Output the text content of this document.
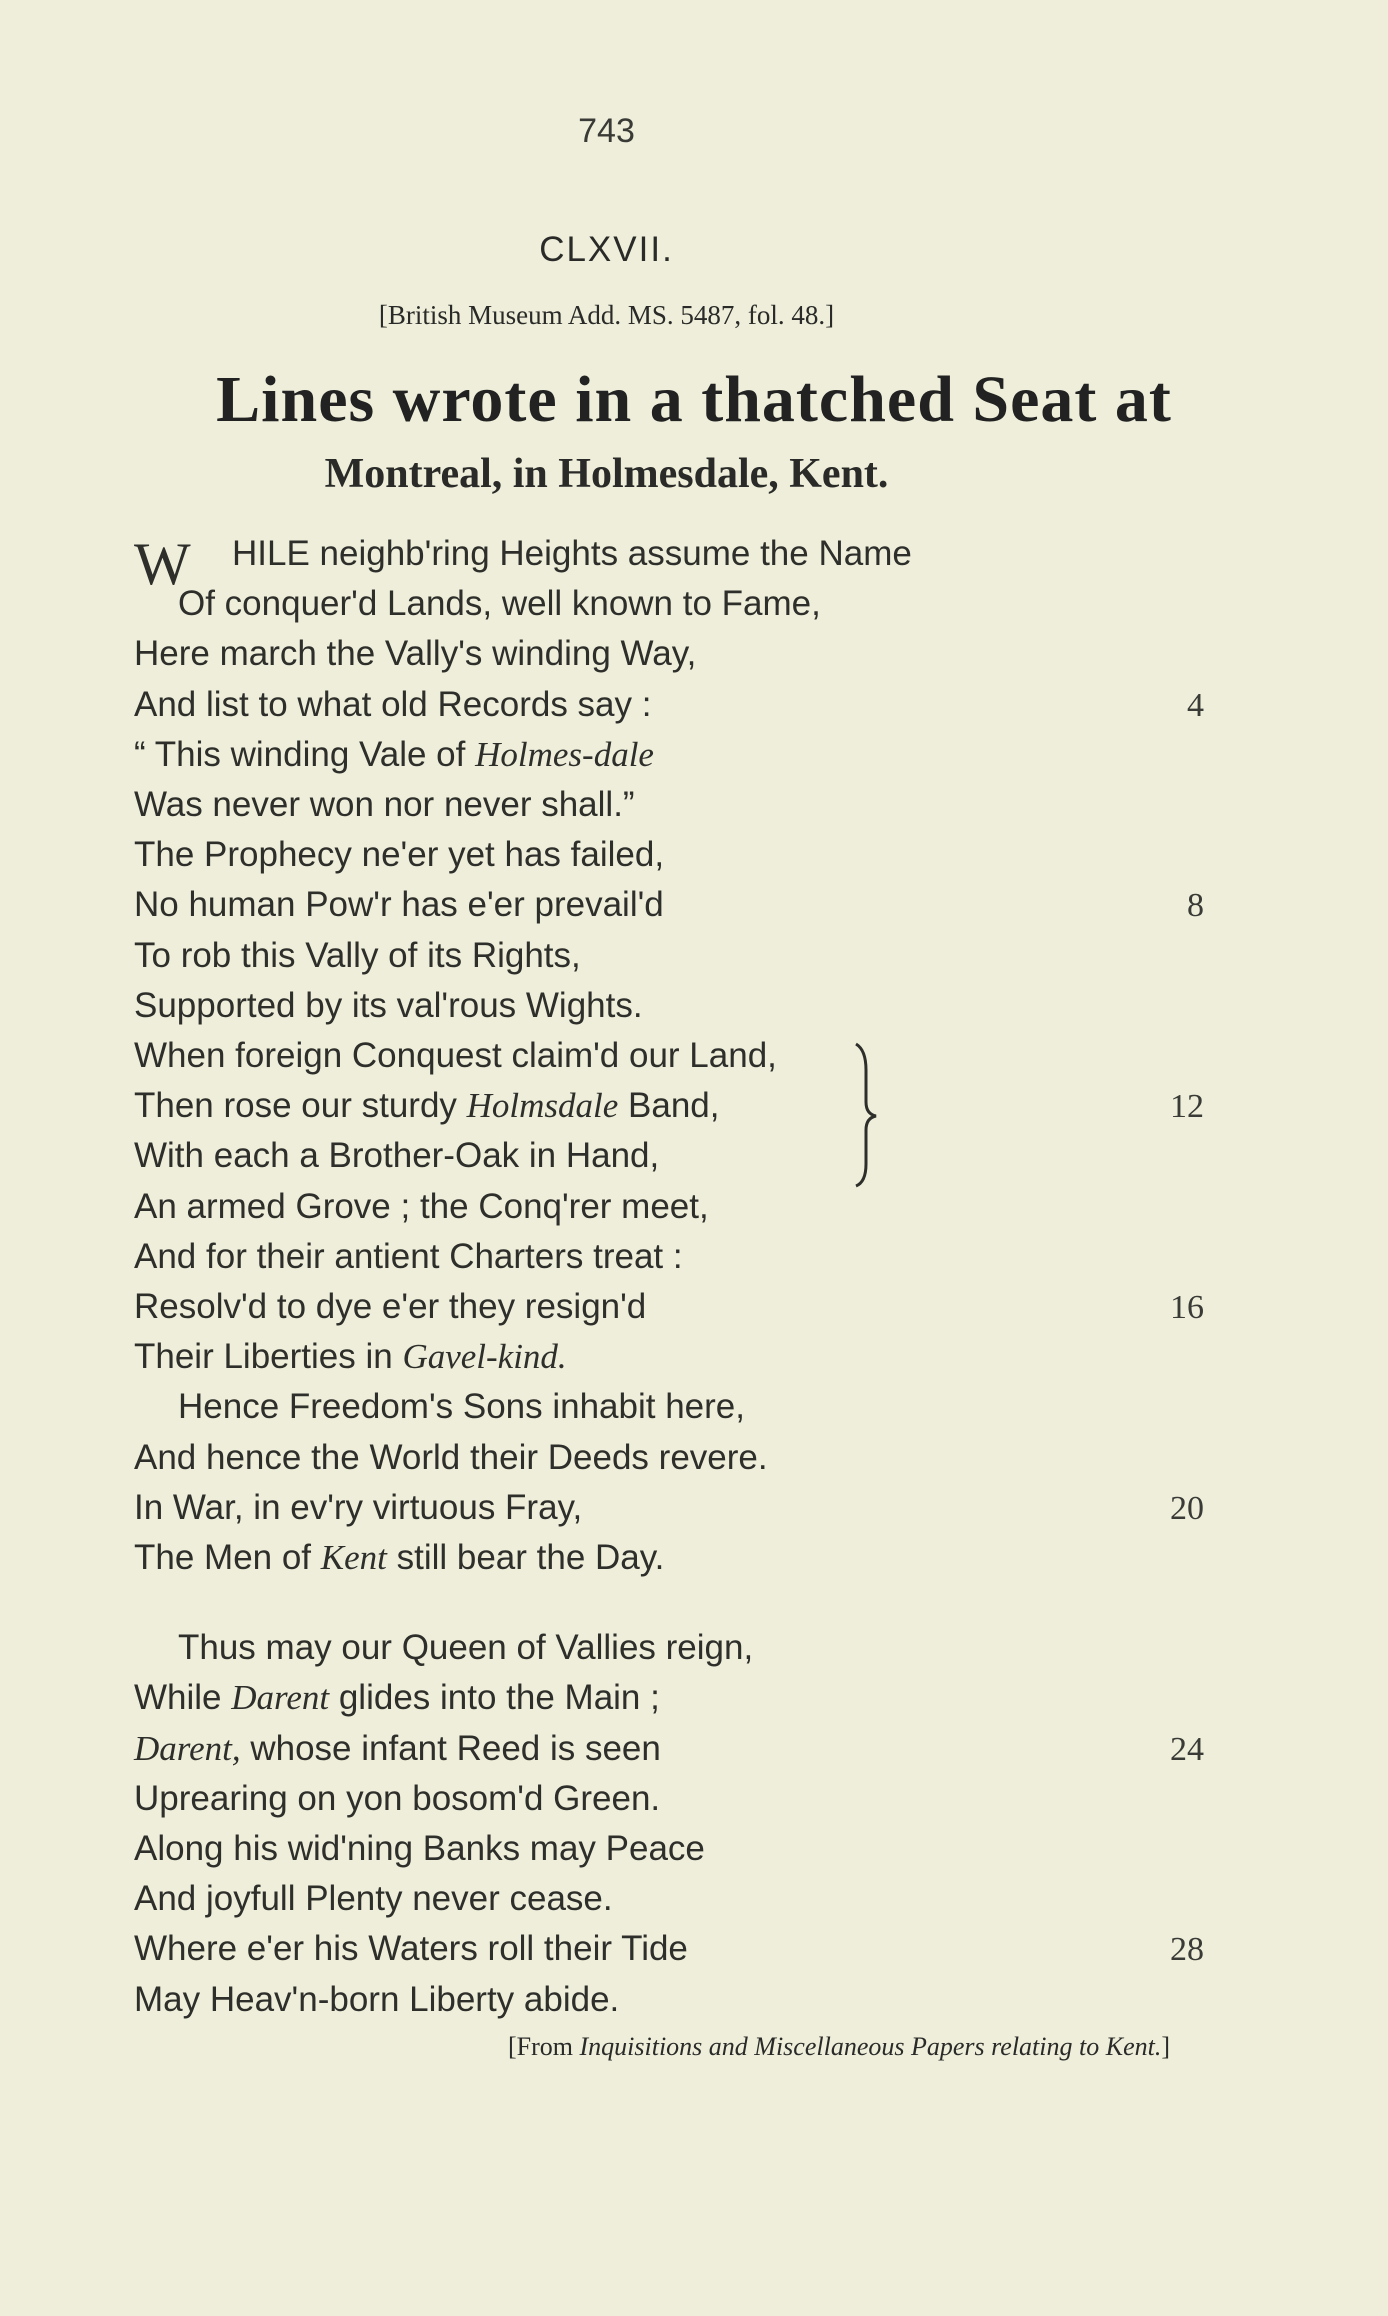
743
CLXVII.
[British Museum Add. MS. 5487, fol. 48.]
Lines wrote in a thatched Seat at
Montreal, in Holmesdale, Kent.
W HILE neighb'ring Heights assume the Name
Of conquer'd Lands, well known to Fame,
Here march the Vally's winding Way,
And list to what old Records say :	4
“ This winding Vale of Holmes-dale
Was never won nor never shall.”
The Prophecy ne'er yet has failed,
No human Pow'r has e'er prevail'd	8
To rob this Vally of its Rights,
Supported by its val'rous Wights.
When foreign Conquest claim'd our Land,
Then rose our sturdy Holmsdale Band,	12
With each a Brother-Oak in Hand,
An armed Grove ; the Conq'rer meet,
And for their antient Charters treat :
Resolv'd to dye e'er they resign'd	16
Their Liberties in Gavel-kind.
Hence Freedom's Sons inhabit here,
And hence the World their Deeds revere.
In War, in ev'ry virtuous Fray,	20
The Men of Kent still bear the Day.
Thus may our Queen of Vallies reign,
While Darent glides into the Main ;
Darent, whose infant Reed is seen	24
Uprearing on yon bosom'd Green.
Along his wid'ning Banks may Peace
And joyfull Plenty never cease.
Where e'er his Waters roll their Tide	28
May Heav'n-born Liberty abide.
[From Inquisitions and Miscellaneous Papers relating to Kent.]
